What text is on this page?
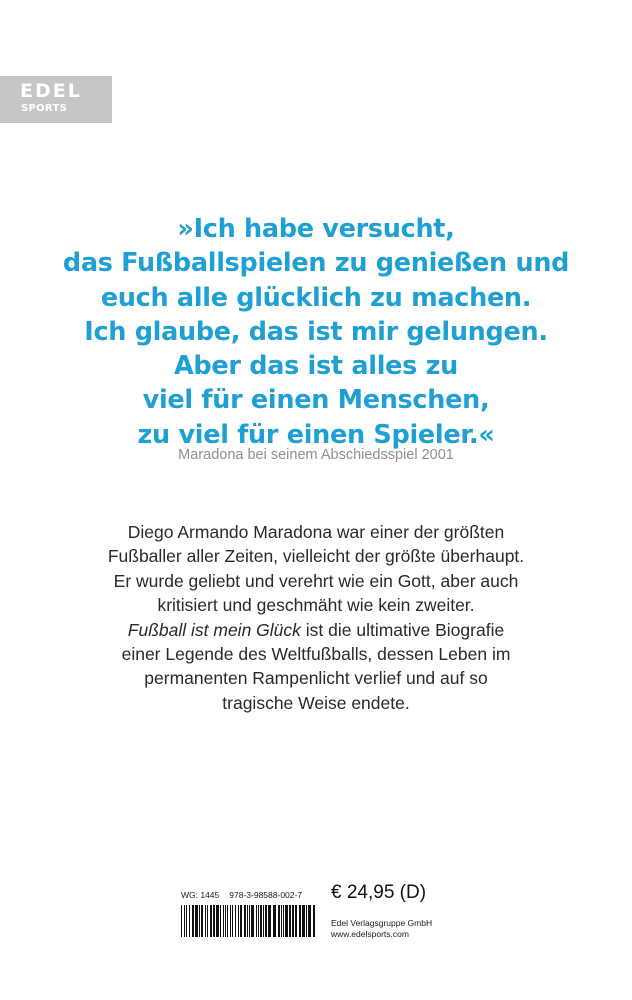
EDEL
SPORTS
»Ich habe versucht,
das Fußballspielen zu genießen und
euch alle glücklich zu machen.
Ich glaube, das ist mir gelungen.
Aber das ist alles zu
viel für einen Menschen,
zu viel für einen Spieler.«
Maradona bei seinem Abschiedsspiel 2001
Diego Armando Maradona war einer der größten
Fußballer aller Zeiten, vielleicht der größte überhaupt.
Er wurde geliebt und verehrt wie ein Gott, aber auch
kritisiert und geschmäht wie kein zweiter.
Fußball ist mein Glück ist die ultimative Biografie
einer Legende des Weltfußballs, dessen Leben im
permanenten Rampenlicht verlief und auf so
tragische Weise endete.
WG: 1445 978-3-98588-002-7	€ 24,95 (D)
Edel Verlagsgruppe GmbH
www.edelsports.com
